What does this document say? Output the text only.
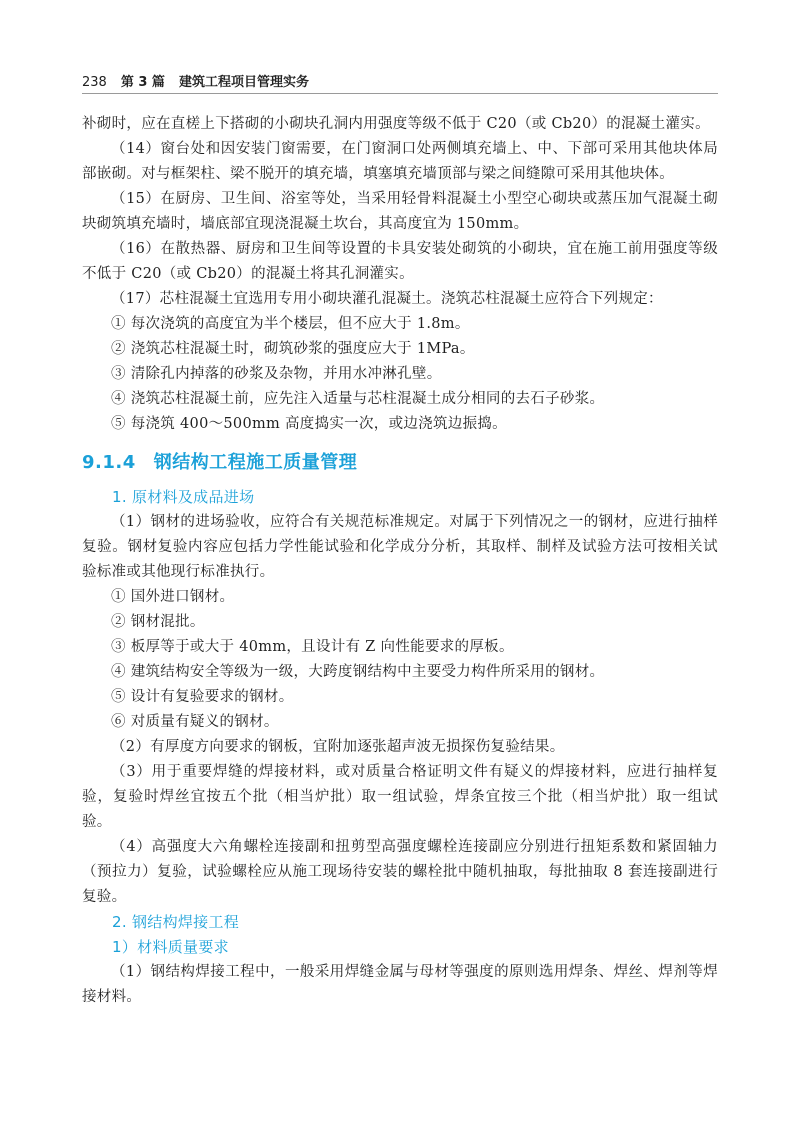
238 第 3 篇 建筑工程项目管理实务

补砌时，应在直槎上下搭砌的小砌块孔洞内用强度等级不低于 C20（或 Cb20）的混凝土灌实。

（14）窗台处和因安装门窗需要，在门窗洞口处两侧填充墙上、中、下部可采用其他块体局部嵌砌。对与框架柱、梁不脱开的填充墙，填塞填充墙顶部与梁之间缝隙可采用其他块体。

（15）在厨房、卫生间、浴室等处，当采用轻骨料混凝土小型空心砌块或蒸压加气混凝土砌块砌筑填充墙时，墙底部宜现浇混凝土坎台，其高度宜为 150mm。

（16）在散热器、厨房和卫生间等设置的卡具安装处砌筑的小砌块，宜在施工前用强度等级不低于 C20（或 Cb20）的混凝土将其孔洞灌实。

（17）芯柱混凝土宜选用专用小砌块灌孔混凝土。浇筑芯柱混凝土应符合下列规定：

① 每次浇筑的高度宜为半个楼层，但不应大于 1.8m。

② 浇筑芯柱混凝土时，砌筑砂浆的强度应大于 1MPa。

③ 清除孔内掉落的砂浆及杂物，并用水冲淋孔壁。

④ 浇筑芯柱混凝土前，应先注入适量与芯柱混凝土成分相同的去石子砂浆。

⑤ 每浇筑 400～500mm 高度捣实一次，或边浇筑边振捣。

9.1.4 钢结构工程施工质量管理

1. 原材料及成品进场

（1）钢材的进场验收，应符合有关规范标准规定。对属于下列情况之一的钢材，应进行抽样复验。钢材复验内容应包括力学性能试验和化学成分分析，其取样、制样及试验方法可按相关试验标准或其他现行标准执行。

① 国外进口钢材。

② 钢材混批。

③ 板厚等于或大于 40mm，且设计有 Z 向性能要求的厚板。

④ 建筑结构安全等级为一级，大跨度钢结构中主要受力构件所采用的钢材。

⑤ 设计有复验要求的钢材。

⑥ 对质量有疑义的钢材。

（2）有厚度方向要求的钢板，宜附加逐张超声波无损探伤复验结果。

（3）用于重要焊缝的焊接材料，或对质量合格证明文件有疑义的焊接材料，应进行抽样复验，复验时焊丝宜按五个批（相当炉批）取一组试验，焊条宜按三个批（相当炉批）取一组试验。

（4）高强度大六角螺栓连接副和扭剪型高强度螺栓连接副应分别进行扭矩系数和紧固轴力（预拉力）复验，试验螺栓应从施工现场待安装的螺栓批中随机抽取，每批抽取 8 套连接副进行复验。

2. 钢结构焊接工程

1）材料质量要求

（1）钢结构焊接工程中，一般采用焊缝金属与母材等强度的原则选用焊条、焊丝、焊剂等焊接材料。
